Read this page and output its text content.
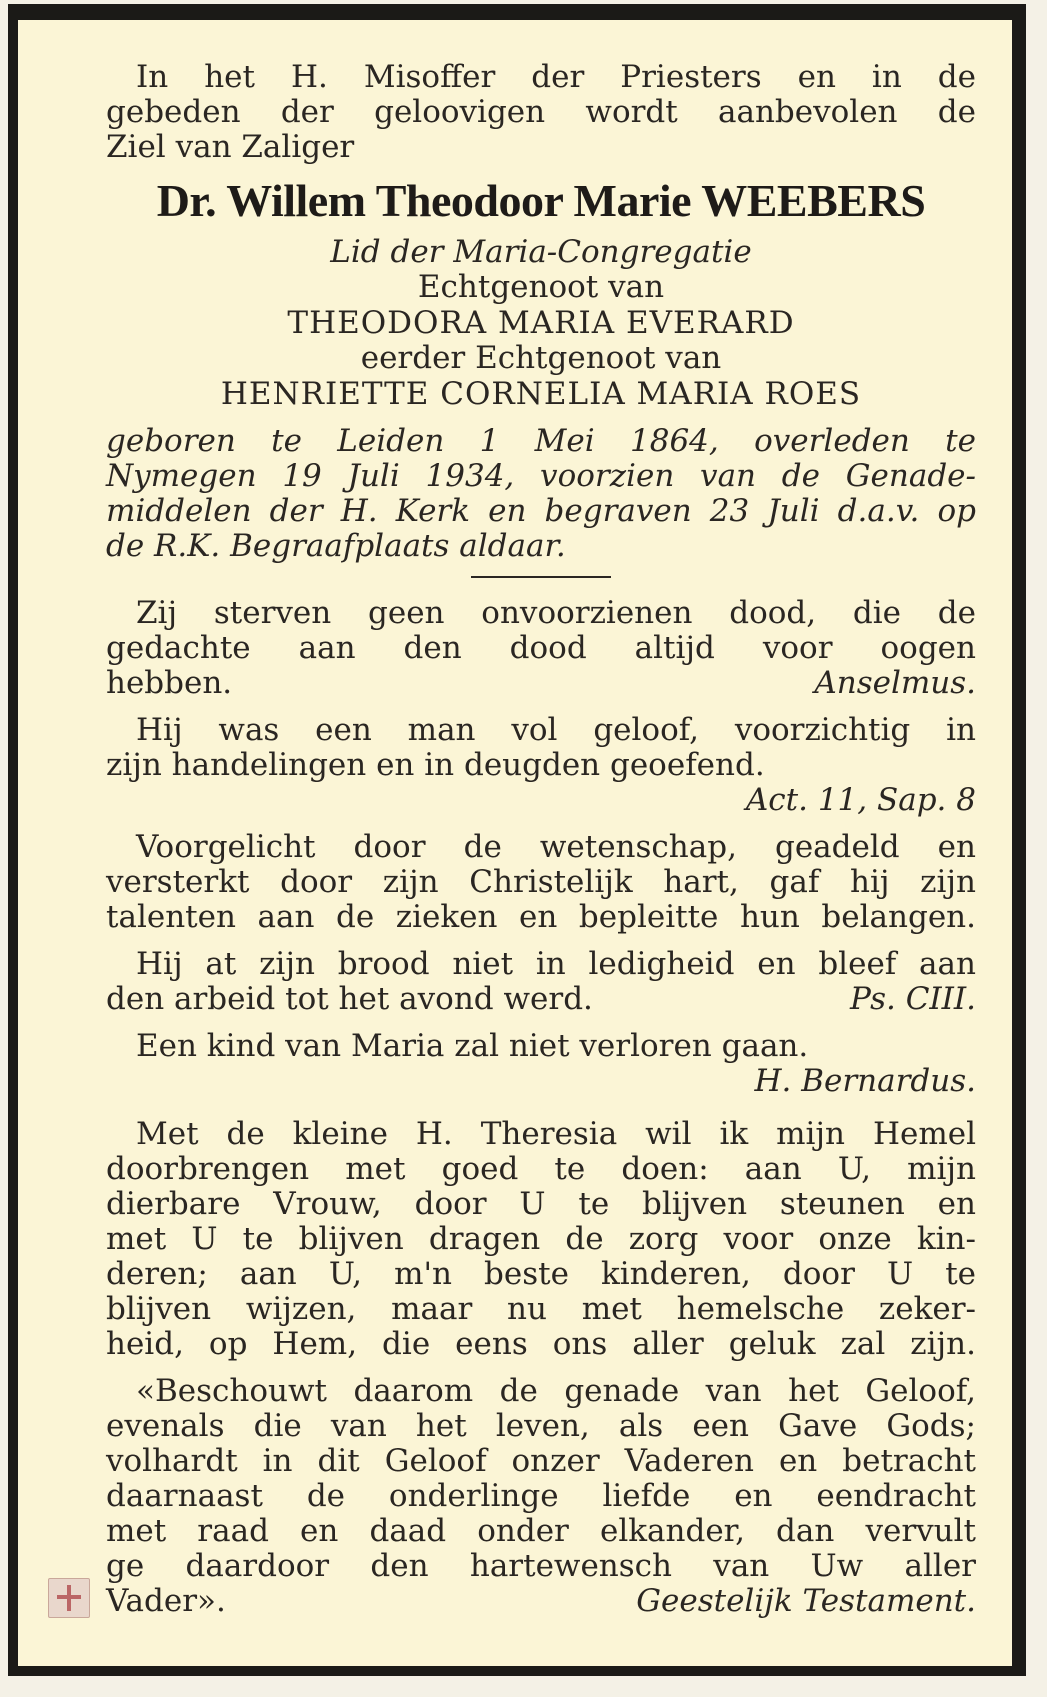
In het H. Misoffer der Priesters en in de
gebeden der geloovigen wordt aanbevolen de
Ziel van Zaliger
Dr. Willem Theodoor Marie WEEBERS
Lid der Maria-Congregatie
Echtgenoot van
THEODORA MARIA EVERARD
eerder Echtgenoot van
HENRIETTE CORNELIA MARIA ROES
geboren te Leiden 1 Mei 1864, overleden te
Nymegen 19 Juli 1934, voorzien van de Genade-
middelen der H. Kerk en begraven 23 Juli d.a.v. op
de R.K. Begraafplaats aldaar.
Zij sterven geen onvoorzienen dood, die de
gedachte aan den dood altijd voor oogen
hebben.	Anselmus.
Hij was een man vol geloof, voorzichtig in
zijn handelingen en in deugden geoefend.
Act. 11, Sap. 8
Voorgelicht door de wetenschap, geadeld en
versterkt door zijn Christelijk hart, gaf hij zijn
talenten aan de zieken en bepleitte hun belangen.
Hij at zijn brood niet in ledigheid en bleef aan
den arbeid tot het avond werd.	Ps. CIII.
Een kind van Maria zal niet verloren gaan.
H. Bernardus.
Met de kleine H. Theresia wil ik mijn Hemel
doorbrengen met goed te doen: aan U, mijn
dierbare Vrouw, door U te blijven steunen en
met U te blijven dragen de zorg voor onze kin-
deren; aan U, m'n beste kinderen, door U te
blijven wijzen, maar nu met hemelsche zeker-
heid, op Hem, die eens ons aller geluk zal zijn.
«Beschouwt daarom de genade van het Geloof,
evenals die van het leven, als een Gave Gods;
volhardt in dit Geloof onzer Vaderen en betracht
daarnaast de onderlinge liefde en eendracht
met raad en daad onder elkander, dan vervult
ge daardoor den hartewensch van Uw aller
Vader».	Geestelijk Testament.
